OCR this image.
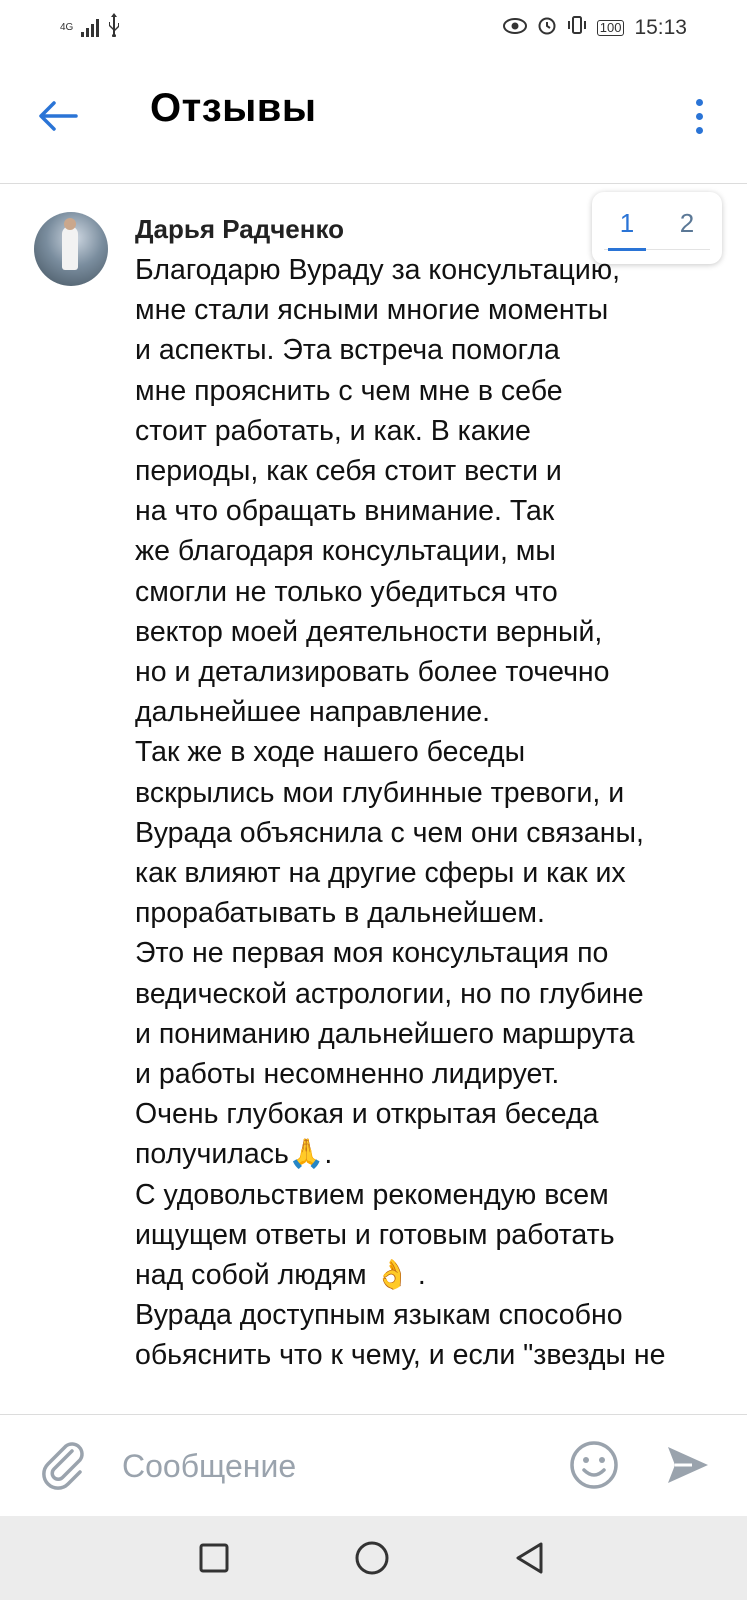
4G	100 15:13
Отзывы
Дарья Радченко	1	2
Благодарю Вураду за консультацию,
мне стали ясными многие моменты
и аспекты. Эта встреча помогла
мне прояснить с чем мне в себе
стоит работать, и как. В какие
периоды, как себя стоит вести и
на что обращать внимание. Так
же благодаря консультации, мы
смогли не только убедиться что
вектор моей деятельности верный,
но и детализировать более точечно
дальнейшее направление.
Так же в ходе нашего беседы
вскрылись мои глубинные тревоги, и
Вурада объяснила с чем они связаны,
как влияют на другие сферы и как их
прорабатывать в дальнейшем.
Это не первая моя консультация по
ведической астрологии, но по глубине
и пониманию дальнейшего маршрута
и работы несомненно лидирует.
Очень глубокая и открытая беседа
получилась🙏.
С удовольствием рекомендую всем
ищущем ответы и готовым работать
над собой людям 👌 .
Вурада доступным языкам способно
обьяснить что к чему, и если "звезды не
Сообщение
